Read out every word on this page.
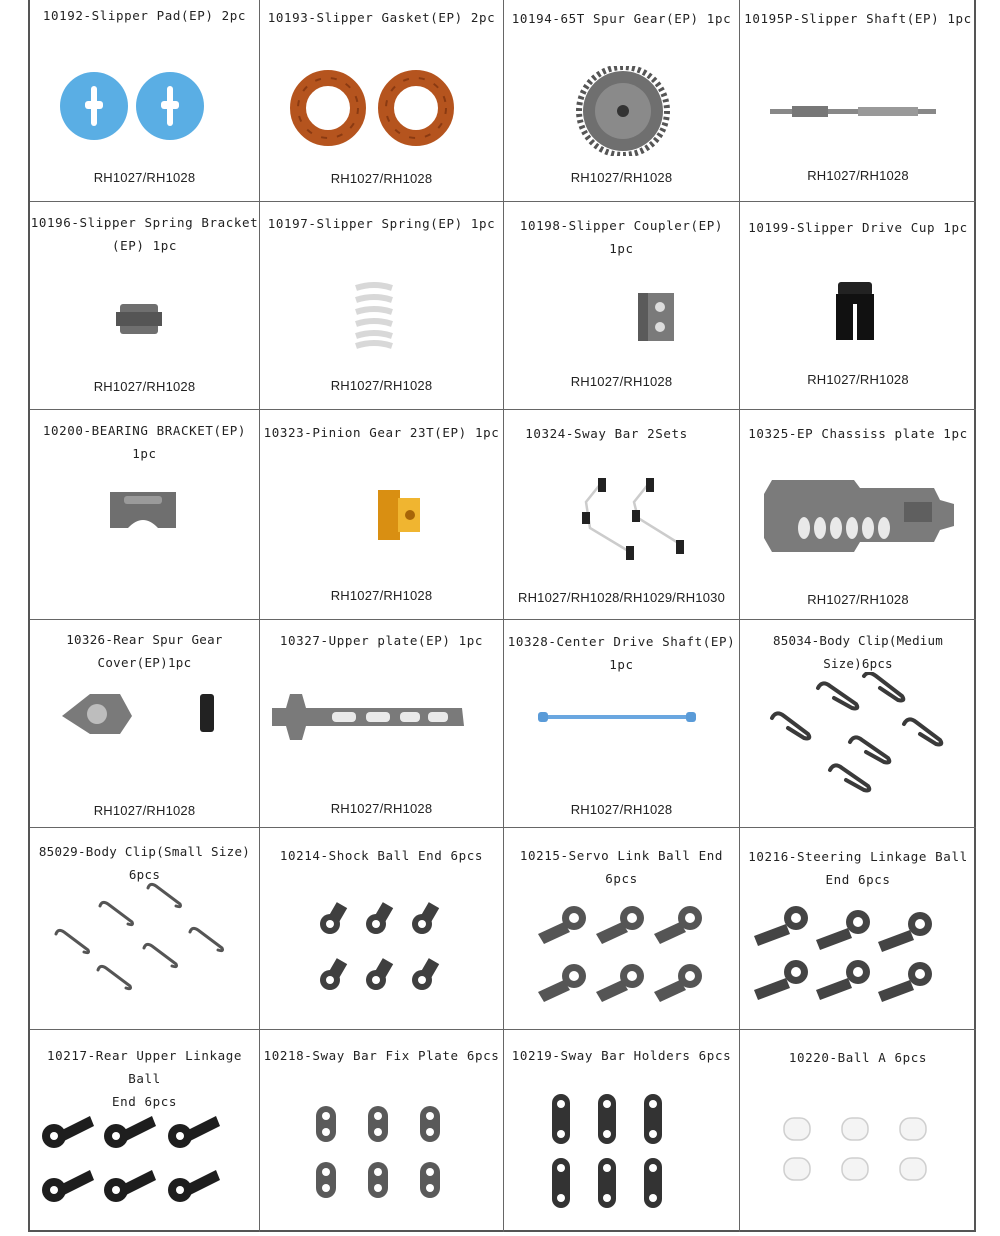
10192-Slipper Pad(EP) 2pc
RH1027/RH1028
10193-Slipper Gasket(EP) 2pc
RH1027/RH1028
10194-65T Spur Gear(EP) 1pc
RH1027/RH1028
10195P-Slipper Shaft(EP) 1pc
RH1027/RH1028
10196-Slipper Spring Bracket
(EP) 1pc
RH1027/RH1028
10197-Slipper Spring(EP) 1pc
RH1027/RH1028
10198-Slipper Coupler(EP) 1pc
RH1027/RH1028
10199-Slipper Drive Cup 1pc
RH1027/RH1028
10200-BEARING BRACKET(EP) 1pc
10323-Pinion Gear 23T(EP) 1pc
RH1027/RH1028
10324-Sway Bar 2Sets
RH1027/RH1028/RH1029/RH1030
10325-EP Chassiss plate 1pc
RH1027/RH1028
10326-Rear Spur Gear Cover(EP)1pc
RH1027/RH1028
10327-Upper plate(EP) 1pc
RH1027/RH1028
10328-Center Drive Shaft(EP) 1pc
RH1027/RH1028
85034-Body Clip(Medium Size)6pcs
85029-Body Clip(Small Size) 6pcs
10214-Shock Ball End 6pcs	10215-Servo Link Ball End 6pcs
10216-Steering Linkage Ball
End 6pcs
10217-Rear Upper Linkage Ball
End 6pcs
10218-Sway Bar Fix Plate 6pcs 10219-Sway Bar Holders 6pcs	10220-Ball A 6pcs
